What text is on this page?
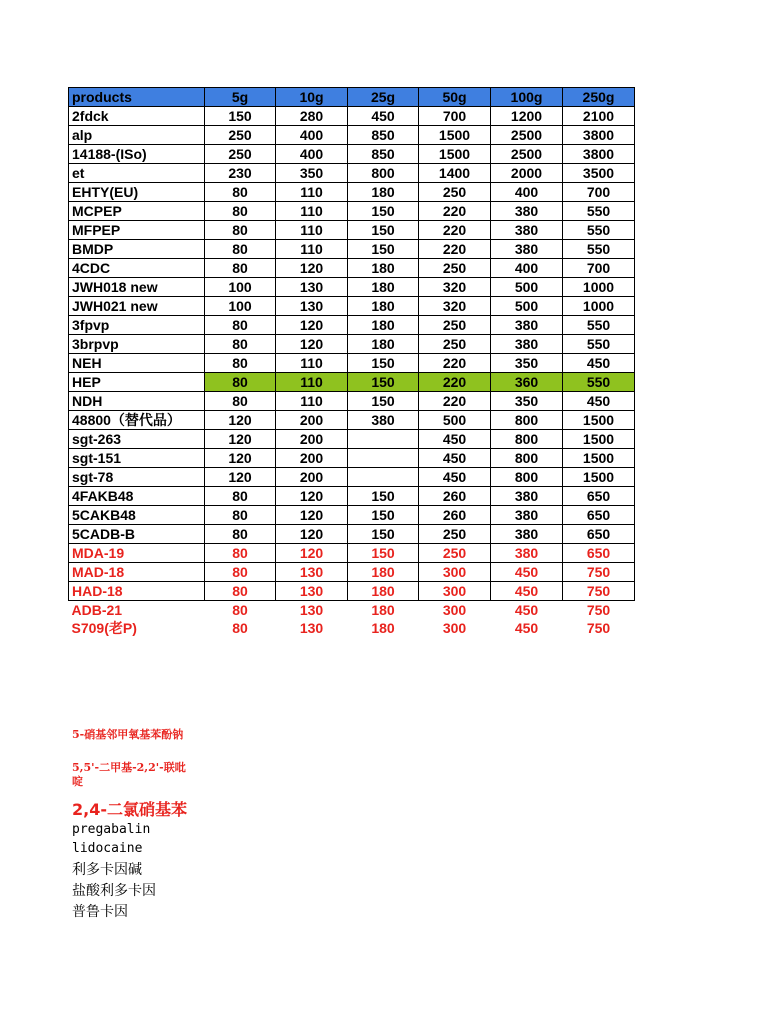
products	5g	10g	25g	50g	100g	250g
2fdck	150	280	450	700	1200	2100
alp	250	400	850	1500	2500	3800
14188-(ISo)	250	400	850	1500	2500	3800
et	230	350	800	1400	2000	3500
EHTY(EU)	80	110	180	250	400	700
MCPEP	80	110	150	220	380	550
MFPEP	80	110	150	220	380	550
BMDP	80	110	150	220	380	550
4CDC	80	120	180	250	400	700
JWH018 new	100	130	180	320	500	1000
JWH021 new	100	130	180	320	500	1000
3fpvp	80	120	180	250	380	550
3brpvp	80	120	180	250	380	550
NEH	80	110	150	220	350	450
HEP	80	110	150	220	360	550
NDH	80	110	150	220	350	450
48800（替代品）	120	200	380	500	800	1500
sgt-263	120	200		450	800	1500
sgt-151	120	200		450	800	1500
sgt-78	120	200		450	800	1500
4FAKB48	80	120	150	260	380	650
5CAKB48	80	120	150	260	380	650
5CADB-B	80	120	150	250	380	650
MDA-19	80	120	150	250	380	650
MAD-18	80	130	180	300	450	750
HAD-18	80	130	180	300	450	750
ADB-21	80	130	180	300	450	750
S709(老P)	80	130	180	300	450	750
5-硝基邻甲氧基苯酚钠
5,5'-二甲基-2,2'-联吡
啶
2,4-二氯硝基苯
pregabalin
lidocaine
利多卡因碱
盐酸利多卡因
普鲁卡因
